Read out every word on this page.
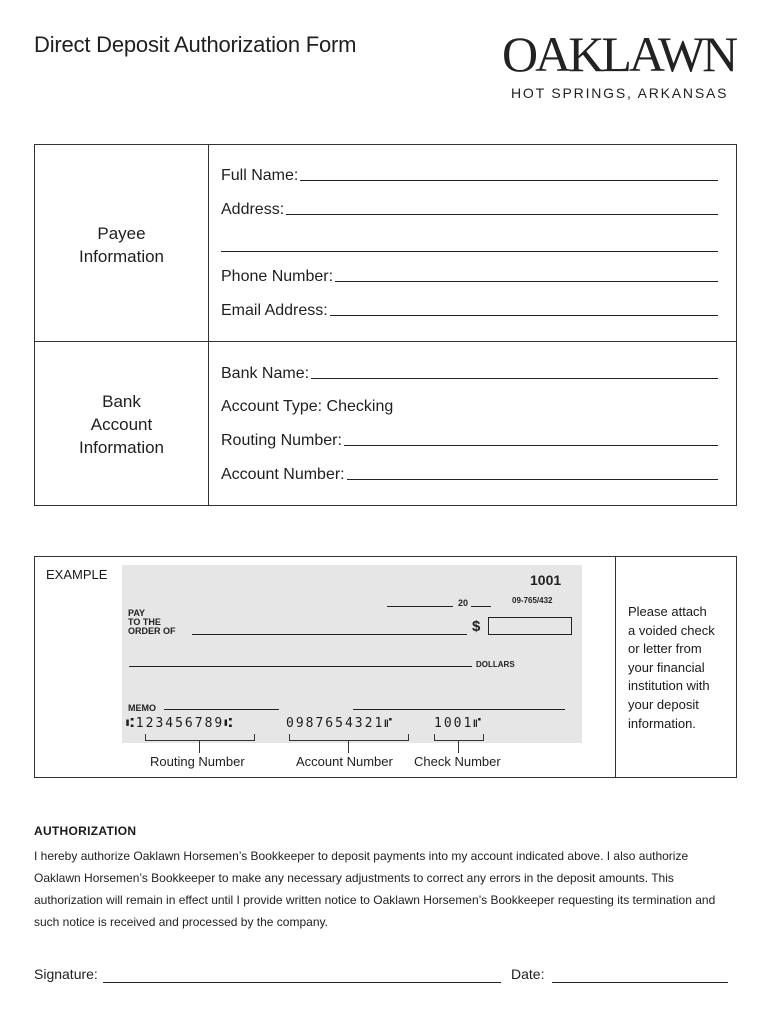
Direct Deposit Authorization Form	OAKLAWN
HOT SPRINGS, ARKANSAS
Payee
Information
Full Name:
Address:
Phone Number:
Email Address:
Bank
Account
Information
Bank Name:
Account Type: Checking
Routing Number:
Account Number:
EXAMPLE
Please attach
a voided check
or letter from
your financial
institution with
your deposit
information.
1001
20	09-765/432
PAY
TO THE
ORDER OF	$
DOLLARS
MEMO
⑆123456789⑆	0987654321⑈	1001⑈
Routing Number	Account Number Check Number
AUTHORIZATION
I hereby authorize Oaklawn Horsemen’s Bookkeeper to deposit payments into my account indicated above. I also authorize Oaklawn Horsemen’s Bookkeeper to make any necessary adjustments to correct any errors in the deposit amounts. This authorization will remain in effect until I provide written notice to Oaklawn Horsemen’s Bookkeeper requesting its termination and such notice is received and processed by the company.
Signature:	Date:
